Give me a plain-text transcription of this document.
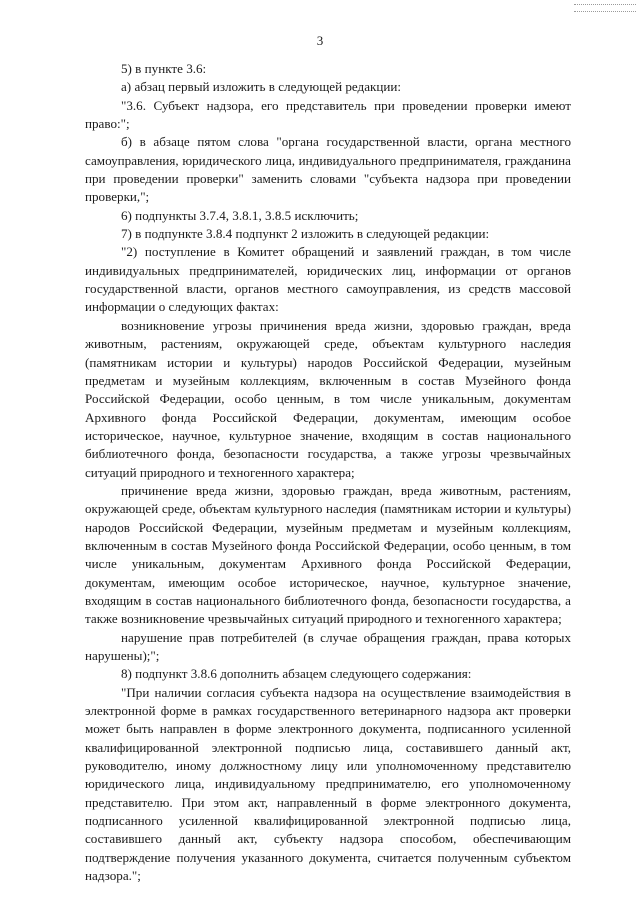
3

5) в пункте 3.6:

а) абзац первый изложить в следующей редакции:

"3.6. Субъект надзора, его представитель при проведении проверки имеют право:";

б) в абзаце пятом слова "органа государственной власти, органа местного самоуправления, юридического лица, индивидуального предпринимателя, гражданина при проведении проверки" заменить словами "субъекта надзора при проведении проверки,";

6) подпункты 3.7.4, 3.8.1, 3.8.5 исключить;

7) в подпункте 3.8.4 подпункт 2 изложить в следующей редакции:

"2) поступление в Комитет обращений и заявлений граждан, в том числе индивидуальных предпринимателей, юридических лиц, информации от органов государственной власти, органов местного самоуправления, из средств массовой информации о следующих фактах:

возникновение угрозы причинения вреда жизни, здоровью граждан, вреда животным, растениям, окружающей среде, объектам культурного наследия (памятникам истории и культуры) народов Российской Федерации, музейным предметам и музейным коллекциям, включенным в состав Музейного фонда Российской Федерации, особо ценным, в том числе уникальным, документам Архивного фонда Российской Федерации, документам, имеющим особое историческое, научное, культурное значение, входящим в состав национального библиотечного фонда, безопасности государства, а также угрозы чрезвычайных ситуаций природного и техногенного характера;

причинение вреда жизни, здоровью граждан, вреда животным, растениям, окружающей среде, объектам культурного наследия (памятникам истории и культуры) народов Российской Федерации, музейным предметам и музейным коллекциям, включенным в состав Музейного фонда Российской Федерации, особо ценным, в том числе уникальным, документам Архивного фонда Российской Федерации, документам, имеющим особое историческое, научное, культурное значение, входящим в состав национального библиотечного фонда, безопасности государства, а также возникновение чрезвычайных ситуаций природного и техногенного характера;

нарушение прав потребителей (в случае обращения граждан, права которых нарушены);";

8) подпункт 3.8.6 дополнить абзацем следующего содержания:

"При наличии согласия субъекта надзора на осуществление взаимодействия в электронной форме в рамках государственного ветеринарного надзора акт проверки может быть направлен в форме электронного документа, подписанного усиленной квалифицированной электронной подписью лица, составившего данный акт, руководителю, иному должностному лицу или уполномоченному представителю юридического лица, индивидуальному предпринимателю, его уполномоченному представителю. При этом акт, направленный в форме электронного документа, подписанного усиленной квалифицированной электронной подписью лица, составившего данный акт, субъекту надзора способом, обеспечивающим подтверждение получения указанного документа, считается полученным субъектом надзора.";
